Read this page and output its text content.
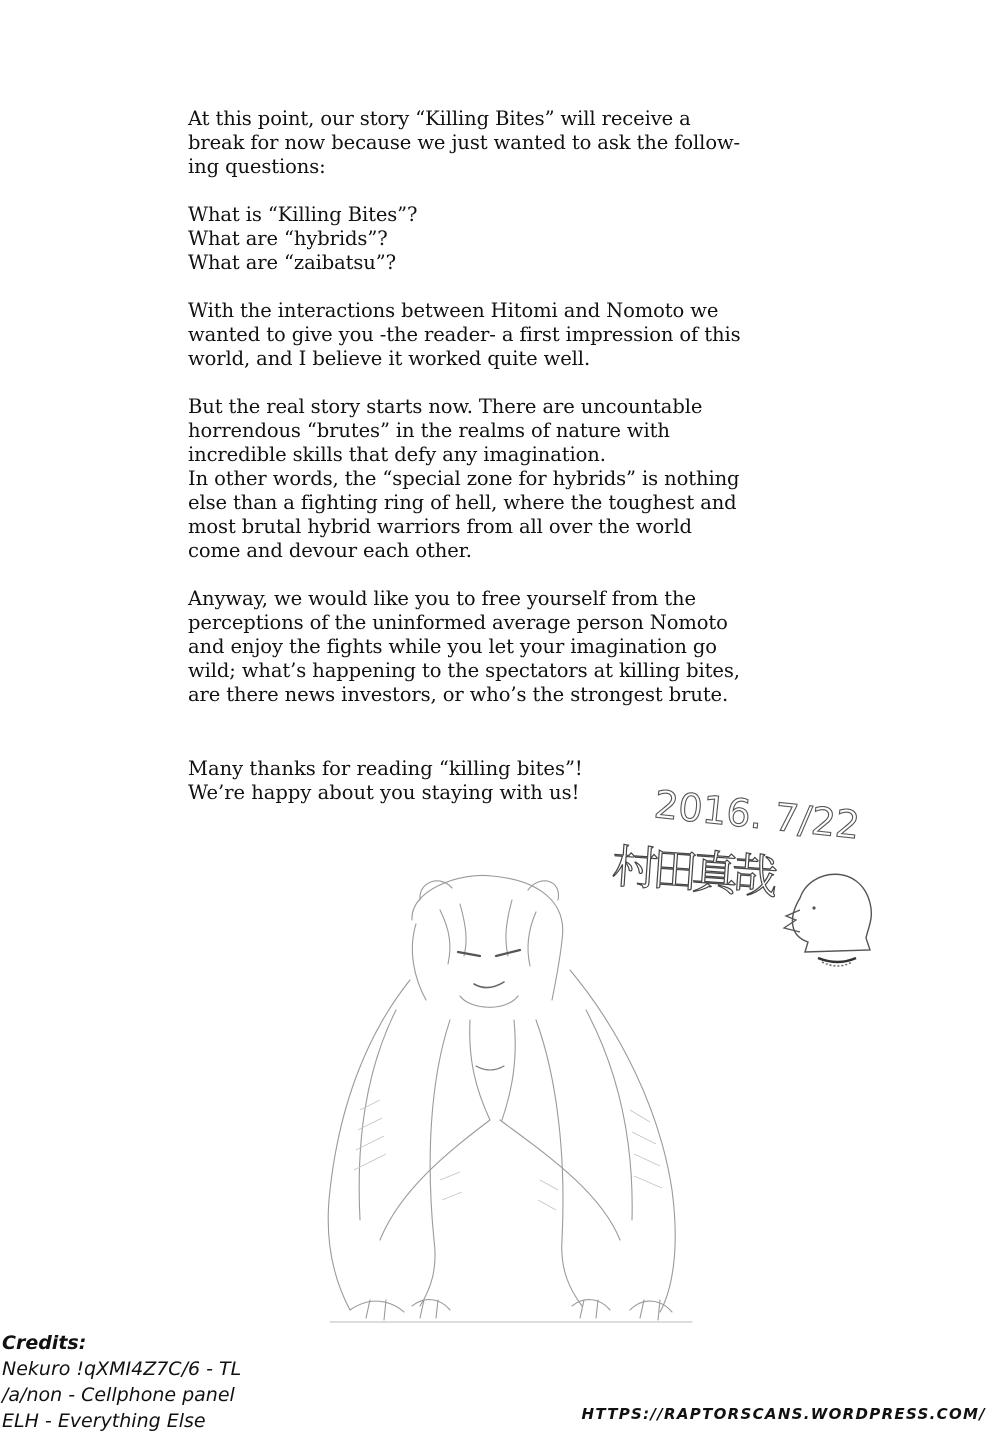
At this point, our story “Killing Bites” will receive a
break for now because we just wanted to ask the follow-
ing questions:

What is “Killing Bites”?
What are “hybrids”?
What are “zaibatsu”?

With the interactions between Hitomi and Nomoto we
wanted to give you -the reader- a first impression of this
world, and I believe it worked quite well.

But the real story starts now. There are uncountable
horrendous “brutes” in the realms of nature with
incredible skills that defy any imagination.
In other words, the “special zone for hybrids” is nothing
else than a fighting ring of hell, where the toughest and
most brutal hybrid warriors from all over the world
come and devour each other.

Anyway, we would like you to free yourself from the
perceptions of the uninformed average person Nomoto
and enjoy the fights while you let your imagination go
wild; what’s happening to the spectators at killing bites,
are there news investors, or who’s the strongest brute.

Many thanks for reading “killing bites”!
We’re happy about you staying with us!	2016. 7/22
村田真哉
Credits:
Nekuro !qXMI4Z7C/6 - TL
/a/non - Cellphone panel
ELH - Everything Else	HTTPS://RAPTORSCANS.WORDPRESS.COM/
